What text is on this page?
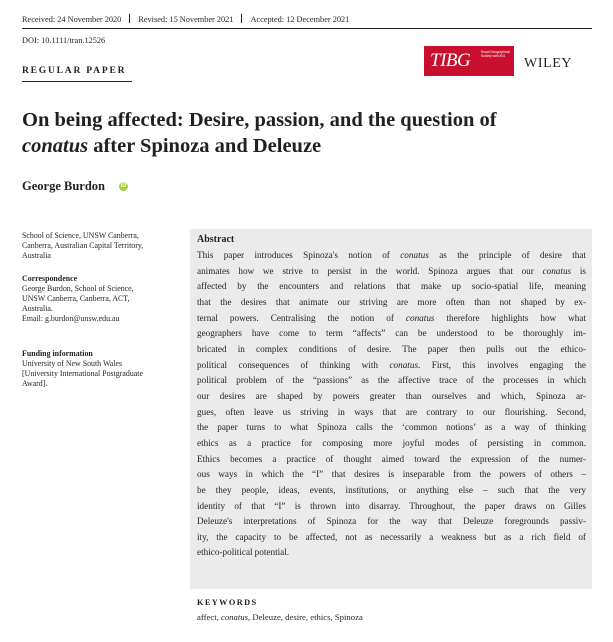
Received: 24 November 2020 Revised: 15 November 2021 Accepted: 12 December 2021
DOI: 10.1111/tran.12526
REGULAR PAPER	TIBG	Royal Geographical Society with IBG	WILEY
On being affected: Desire, passion, and the question of
conatus after Spinoza and Deleuze
George Burdon	iD
School of Science, UNSW Canberra,
Canberra, Australian Capital Territory,
Australia
Correspondence
George Burdon, School of Science,
UNSW Canberra, Canberra, ACT,
Australia.
Email: g.burdon@unsw.edu.au
Funding information
University of New South Wales
[University International Postgraduate
Award].
Abstract
This paper introduces Spinoza's notion of conatus as the principle of desire that
animates how we strive to persist in the world. Spinoza argues that our conatus is
affected by the encounters and relations that make up socio-spatial life, meaning
that the desires that animate our striving are more often than not shaped by ex-
ternal powers. Centralising the notion of conatus therefore highlights how what
geographers have come to term “affects” can be understood to be thoroughly im-
bricated in complex conditions of desire. The paper then pulls out the ethico-
political consequences of thinking with conatus. First, this involves engaging the
political problem of the “passions” as the affective trace of the processes in which
our desires are shaped by powers greater than ourselves and which, Spinoza ar-
gues, often leave us striving in ways that are contrary to our flourishing. Second,
the paper turns to what Spinoza calls the ‘common notions’ as a way of thinking
ethics as a practice for composing more joyful modes of persisting in common.
Ethics becomes a practice of thought aimed toward the expression of the numer-
ous ways in which the “I” that desires is inseparable from the powers of others –
be they people, ideas, events, institutions, or anything else – such that the very
identity of that “I” is thrown into disarray. Throughout, the paper draws on Gilles
Deleuze's interpretations of Spinoza for the way that Deleuze foregrounds passiv-
ity, the capacity to be affected, not as necessarily a weakness but as a rich field of
ethico-political potential.
KEYWORDS
affect, conatus, Deleuze, desire, ethics, Spinoza
